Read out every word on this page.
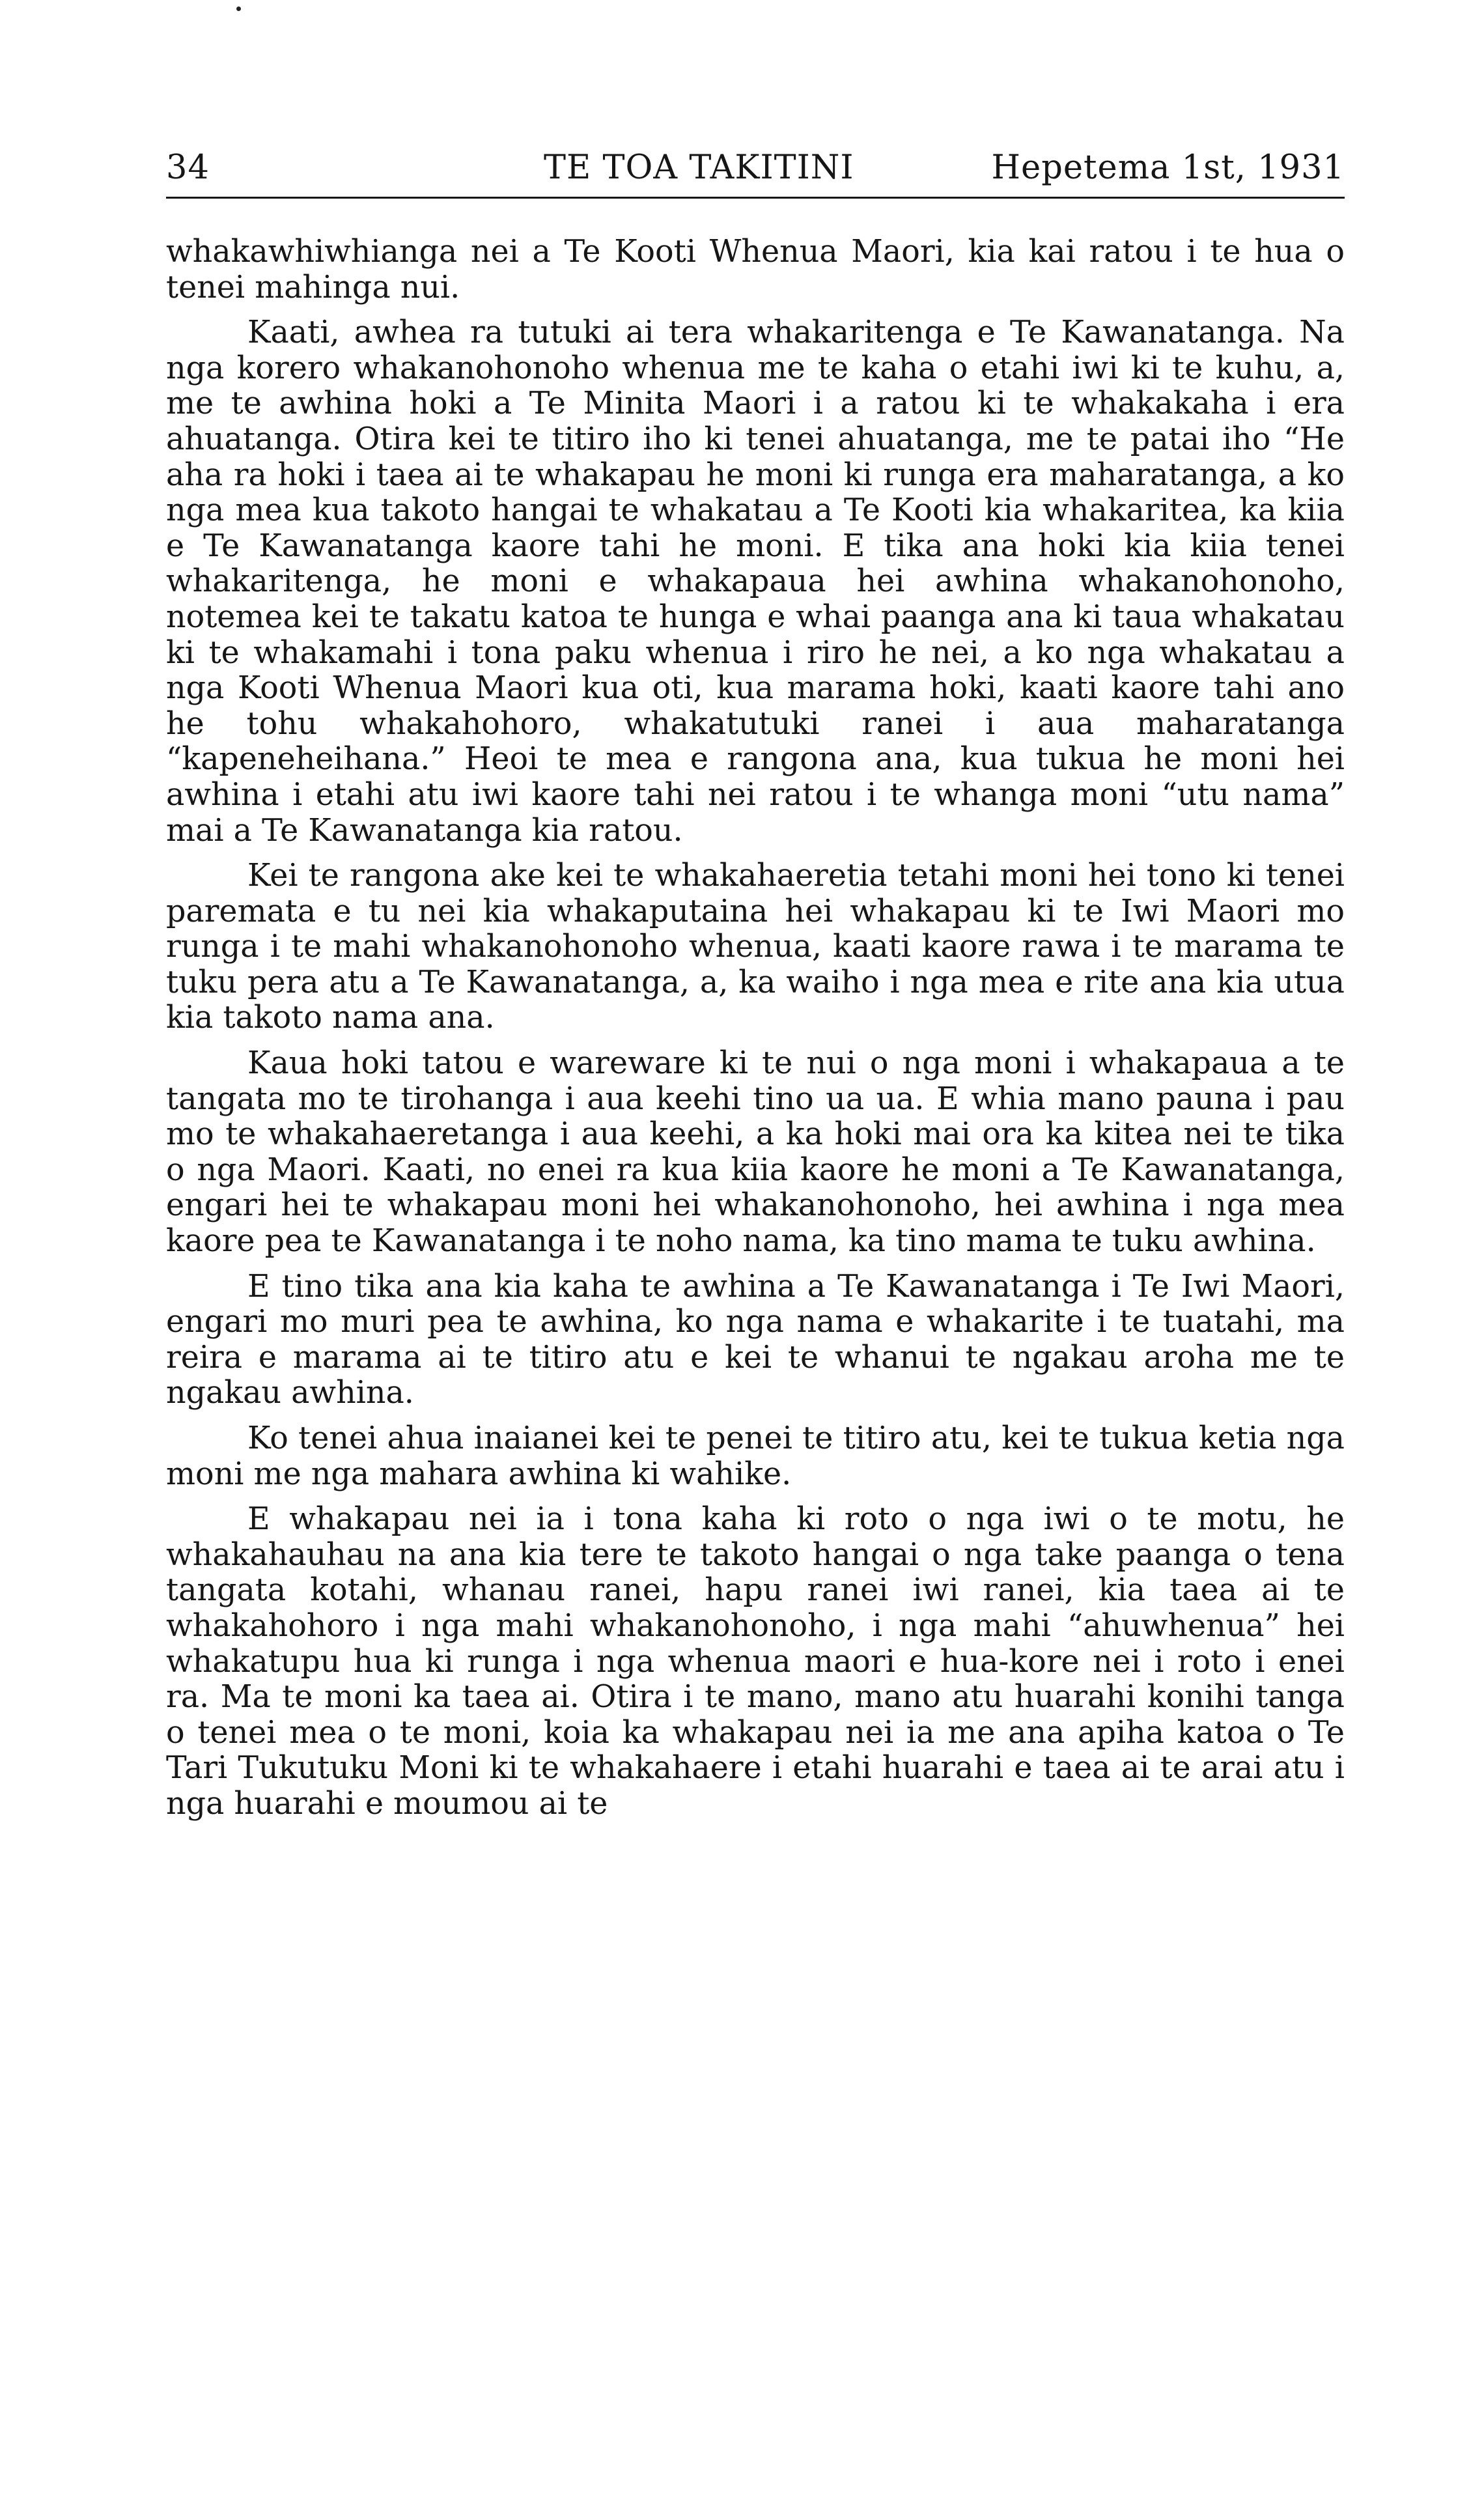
34	TE TOA TAKITINI	Hepetema 1st, 1931

whakawhiwhianga nei a Te Kooti Whenua Maori, kia kai ratou i te hua o tenei mahinga nui.

Kaati, awhea ra tutuki ai tera whakaritenga e Te Kawanatanga. Na nga korero whakanohonoho whenua me te kaha o etahi iwi ki te kuhu, a, me te awhina hoki a Te Minita Maori i a ratou ki te whakakaha i era ahuatanga. Otira kei te titiro iho ki tenei ahuatanga, me te patai iho “He aha ra hoki i taea ai te whakapau he moni ki runga era maharatanga, a ko nga mea kua takoto hangai te whakatau a Te Kooti kia whakaritea, ka kiia e Te Kawanatanga kaore tahi he moni. E tika ana hoki kia kiia tenei whakaritenga, he moni e whakapaua hei awhina whakanohonoho, notemea kei te takatu katoa te hunga e whai paanga ana ki taua whakatau ki te whakamahi i tona paku whenua i riro he nei, a ko nga whakatau a nga Kooti Whenua Maori kua oti, kua marama hoki, kaati kaore tahi ano he tohu whakahohoro, whakatutuki ranei i aua maharatanga “kapeneheihana.” Heoi te mea e rangona ana, kua tukua he moni hei awhina i etahi atu iwi kaore tahi nei ratou i te whanga moni “utu nama” mai a Te Kawanatanga kia ratou.

Kei te rangona ake kei te whakahaeretia tetahi moni hei tono ki tenei paremata e tu nei kia whakaputaina hei whakapau ki te Iwi Maori mo runga i te mahi whakanohonoho whenua, kaati kaore rawa i te marama te tuku pera atu a Te Kawanatanga, a, ka waiho i nga mea e rite ana kia utua kia takoto nama ana.

Kaua hoki tatou e wareware ki te nui o nga moni i whakapaua a te tangata mo te tirohanga i aua keehi tino ua ua. E whia mano pauna i pau mo te whakahaeretanga i aua keehi, a ka hoki mai ora ka kitea nei te tika o nga Maori. Kaati, no enei ra kua kiia kaore he moni a Te Kawanatanga, engari hei te whakapau moni hei whakanohonoho, hei awhina i nga mea kaore pea te Kawanatanga i te noho nama, ka tino mama te tuku awhina.

E tino tika ana kia kaha te awhina a Te Kawanatanga i Te Iwi Maori, engari mo muri pea te awhina, ko nga nama e whakarite i te tuatahi, ma reira e marama ai te titiro atu e kei te whanui te ngakau aroha me te ngakau awhina.

Ko tenei ahua inaianei kei te penei te titiro atu, kei te tukua ketia nga moni me nga mahara awhina ki wahike.

E whakapau nei ia i tona kaha ki roto o nga iwi o te motu, he whakahauhau na ana kia tere te takoto hangai o nga take paanga o tena tangata kotahi, whanau ranei, hapu ranei iwi ranei, kia taea ai te whakahohoro i nga mahi whakanohonoho, i nga mahi “ahuwhenua” hei whakatupu hua ki runga i nga whenua maori e hua-kore nei i roto i enei ra. Ma te moni ka taea ai. Otira i te mano, mano atu huarahi konihi tanga o tenei mea o te moni, koia ka whakapau nei ia me ana apiha katoa o Te Tari Tukutuku Moni ki te whakahaere i etahi huarahi e taea ai te arai atu i nga huarahi e moumou ai te
